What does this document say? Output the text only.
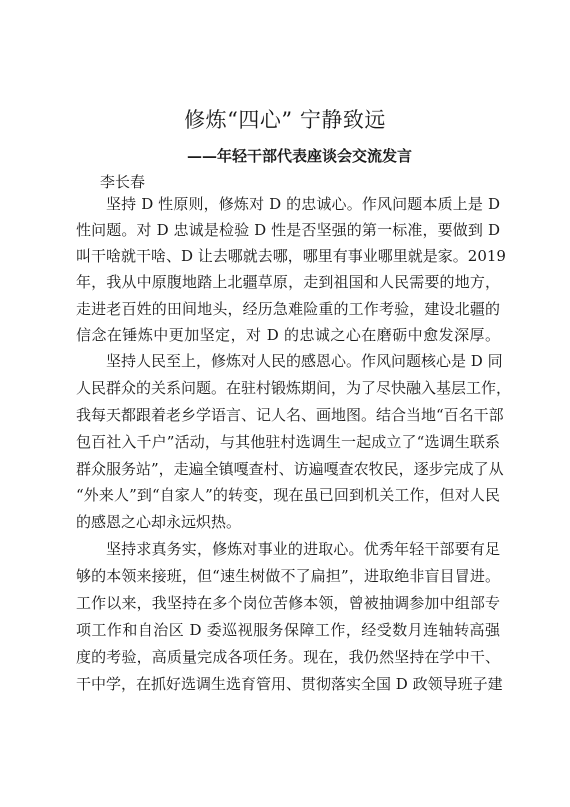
修炼“四心” 宁静致远
——年轻干部代表座谈会交流发言
李长春
坚持 D 性原则，修炼对 D 的忠诚心。作风问题本质上是 D
性问题。对 D 忠诚是检验 D 性是否坚强的第一标准，要做到 D
叫干啥就干啥、D 让去哪就去哪，哪里有事业哪里就是家。2019
年，我从中原腹地踏上北疆草原，走到祖国和人民需要的地方，
走进老百姓的田间地头，经历急难险重的工作考验，建设北疆的
信念在锤炼中更加坚定，对 D 的忠诚之心在磨砺中愈发深厚。
坚持人民至上，修炼对人民的感恩心。作风问题核心是 D 同
人民群众的关系问题。在驻村锻炼期间，为了尽快融入基层工作，
我每天都跟着老乡学语言、记人名、画地图。结合当地“百名干部
包百社入千户”活动，与其他驻村选调生一起成立了“选调生联系
群众服务站”，走遍全镇嘎查村、访遍嘎查农牧民，逐步完成了从
“外来人”到“自家人”的转变，现在虽已回到机关工作，但对人民
的感恩之心却永远炽热。
坚持求真务实，修炼对事业的进取心。优秀年轻干部要有足
够的本领来接班，但“速生树做不了扁担”，进取绝非盲目冒进。
工作以来，我坚持在多个岗位苦修本领，曾被抽调参加中组部专
项工作和自治区 D 委巡视服务保障工作，经受数月连轴转高强
度的考验，高质量完成各项任务。现在，我仍然坚持在学中干、
干中学，在抓好选调生选育管用、贯彻落实全国 D 政领导班子建
